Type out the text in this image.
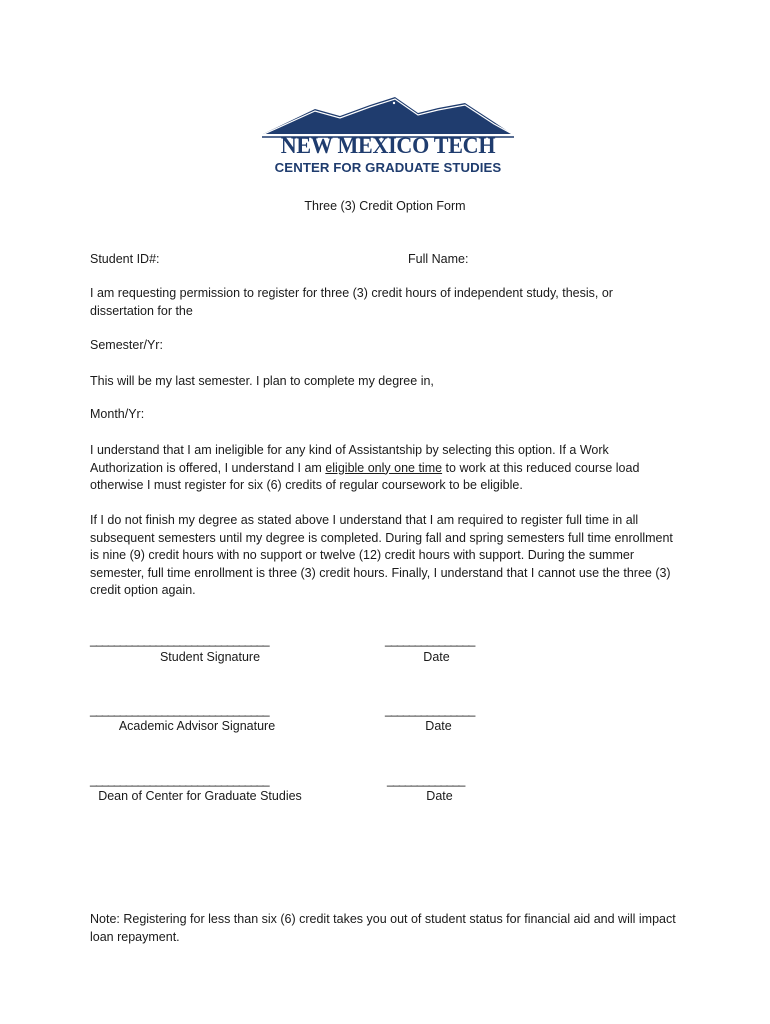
NEW MEXICO TECH
CENTER FOR GRADUATE STUDIES
Three (3) Credit Option Form
Student ID#:	Full Name:
I am requesting permission to register for three (3) credit hours of independent study, thesis, or dissertation for the
Semester/Yr:
This will be my last semester. I plan to complete my degree in,
Month/Yr:
I understand that I am ineligible for any kind of Assistantship by selecting this option. If a Work Authorization is offered, I understand I am eligible only one time to work at this reduced course load otherwise I must register for six (6) credits of regular coursework to be eligible.
If I do not finish my degree as stated above I understand that I am required to register full time in all subsequent semesters until my degree is completed. During fall and spring semesters full time enrollment is nine (9) credit hours with no support or twelve (12) credit hours with support. During the summer semester, full time enrollment is three (3) credit hours. Finally, I understand that I cannot use the three (3) credit option again.
______________________________
Student Signature
_______________
Date
______________________________
Academic Advisor Signature
_______________
Date
______________________________
Dean of Center for Graduate Studies
_____________
Date
Note: Registering for less than six (6) credit takes you out of student status for financial aid and will impact loan repayment.
